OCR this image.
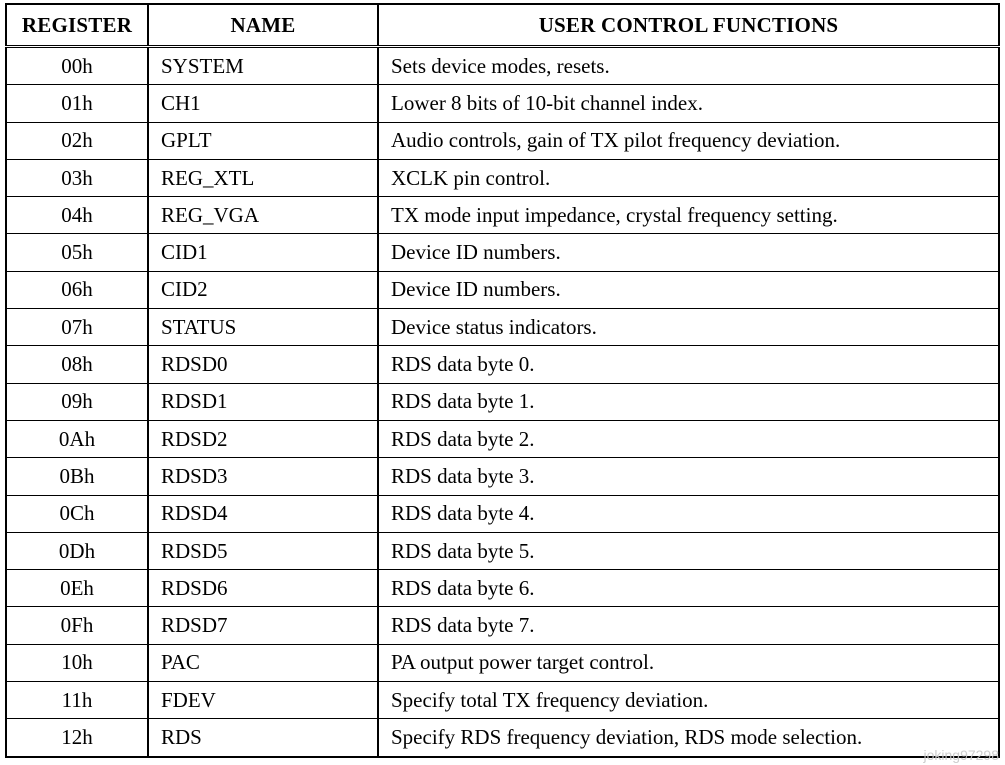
REGISTER	NAME	USER CONTROL FUNCTIONS
00h	SYSTEM	Sets device modes, resets.
01h	CH1	Lower 8 bits of 10-bit channel index.
02h	GPLT	Audio controls, gain of TX pilot frequency deviation.
03h	REG_XTL	XCLK pin control.
04h	REG_VGA	TX mode input impedance, crystal frequency setting.
05h	CID1	Device ID numbers.
06h	CID2	Device ID numbers.
07h	STATUS	Device status indicators.
08h	RDSD0	RDS data byte 0.
09h	RDSD1	RDS data byte 1.
0Ah	RDSD2	RDS data byte 2.
0Bh	RDSD3	RDS data byte 3.
0Ch	RDSD4	RDS data byte 4.
0Dh	RDSD5	RDS data byte 5.
0Eh	RDSD6	RDS data byte 6.
0Fh	RDSD7	RDS data byte 7.
10h	PAC	PA output power target control.
11h	FDEV	Specify total TX frequency deviation.
12h	RDS	Specify RDS frequency deviation, RDS mode selection.
joking97298
